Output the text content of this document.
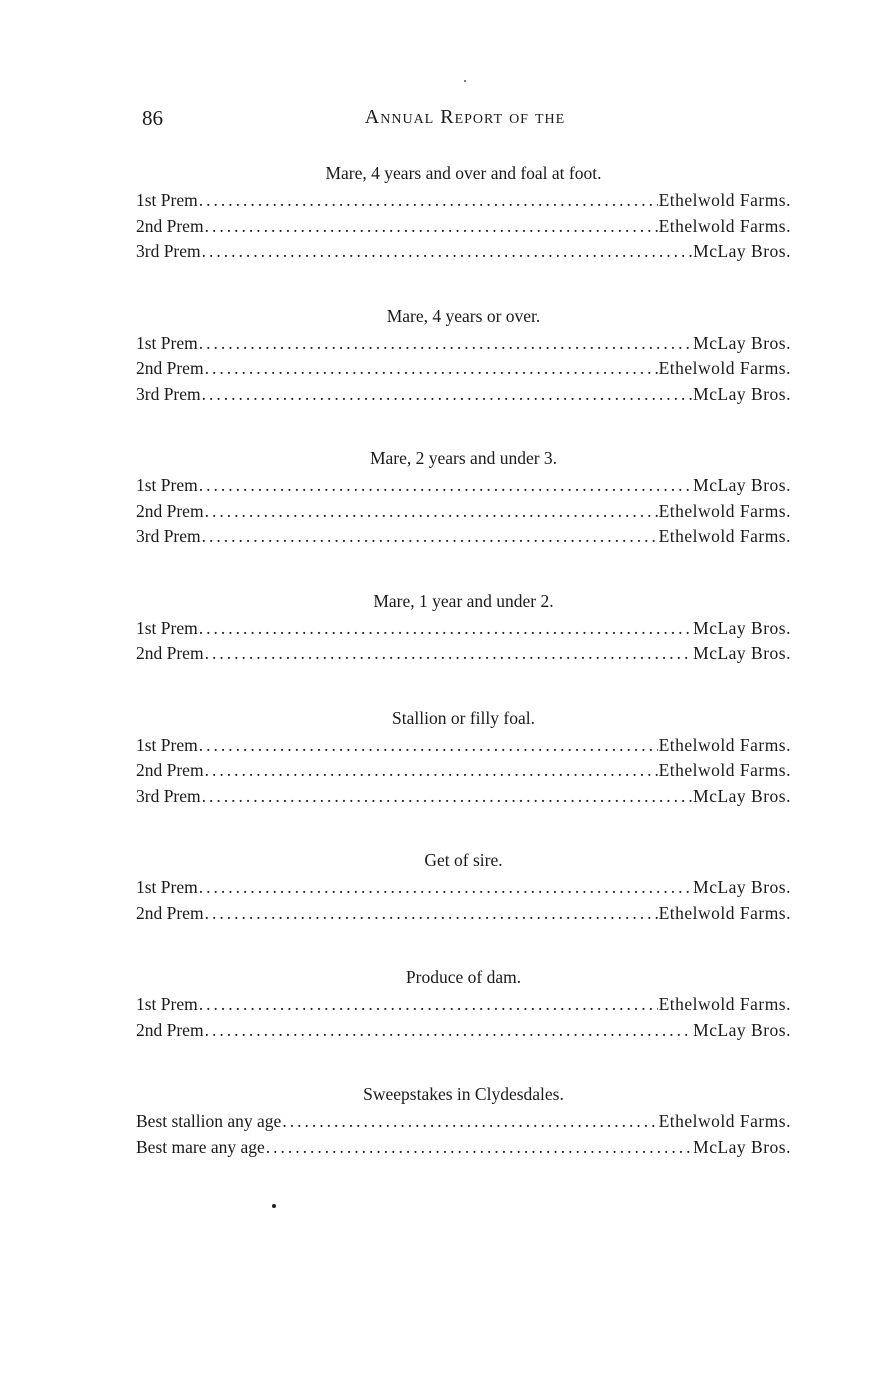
86	Annual Report of the
Mare, 4 years and over and foal at foot.
1st Prem .....	Ethelwold Farms.
2nd Prem .....	Ethelwold Farms.
3rd Prem .....	McLay Bros.
Mare, 4 years or over.
1st Prem .....	McLay Bros.
2nd Prem .....	Ethelwold Farms.
3rd Prem .....	McLay Bros.
Mare, 2 years and under 3.
1st Prem .....	McLay Bros.
2nd Prem .....	Ethelwold Farms.
3rd Prem .....	Ethelwold Farms.
Mare, 1 year and under 2.
1st Prem .....	McLay Bros.
2nd Prem .....	McLay Bros.
Stallion or filly foal.
1st Prem .....	Ethelwold Farms.
2nd Prem .....	Ethelwold Farms.
3rd Prem .....	McLay Bros.
Get of sire.
1st Prem .....	McLay Bros.
2nd Prem .....	Ethelwold Farms.
Produce of dam.
1st Prem .....	Ethelwold Farms.
2nd Prem .....	McLay Bros.
Sweepstakes in Clydesdales.
Best stallion any age .....	Ethelwold Farms.
Best mare any age .....	McLay Bros.
